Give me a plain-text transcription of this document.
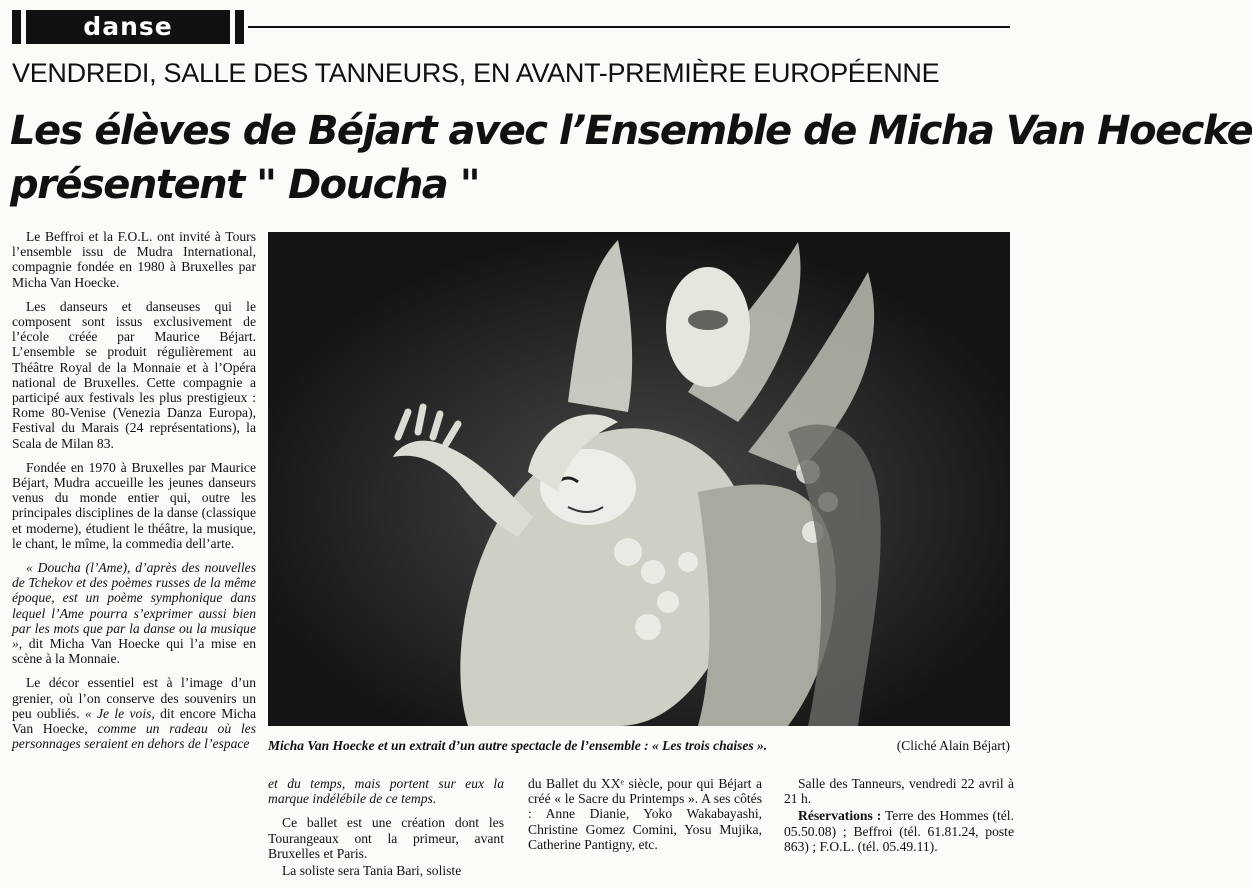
danse
VENDREDI, SALLE DES TANNEURS, EN AVANT-PREMIÈRE EUROPÉENNE
Les élèves de Béjart avec l’Ensemble de Micha Van Hoecke
présentent " Doucha "

Le Beffroi et la F.O.L. ont invité à Tours l’ensemble issu de Mudra International, compagnie fondée en 1980 à Bruxelles par Micha Van Hoecke.

Les danseurs et danseuses qui le composent sont issus exclusivement de l’école créée par Maurice Béjart. L’ensemble se produit régulièrement au Théâtre Royal de la Monnaie et à l’Opéra national de Bruxelles. Cette compagnie a participé aux festivals les plus prestigieux : Rome 80-Venise (Venezia Danza Europa), Festival du Marais (24 représentations), la Scala de Milan 83.

Fondée en 1970 à Bruxelles par Maurice Béjart, Mudra accueille les jeunes danseurs venus du monde entier qui, outre les principales disciplines de la danse (classique et moderne), étudient le théâtre, la musique, le chant, le mîme, la commedia dell’arte.

« Doucha (l’Ame), d’après des nouvelles de Tchekov et des poèmes russes de la même époque, est un poème symphonique dans lequel l’Ame pourra s’exprimer aussi bien par les mots que par la danse ou la musique », dit Micha Van Hoecke qui l’a mise en scène à la Monnaie.

Le décor essentiel est à l’image d’un grenier, où l’on conserve des souvenirs un peu oubliés. « Je le vois, dit encore Micha Van Hoecke, comme un radeau où les personnages seraient en dehors de l’espace	Micha Van Hoecke et un extrait d’un autre spectacle de l’ensemble : « Les trois chaises ».	(Cliché Alain Béjart)

et du temps, mais portent sur eux la marque indélébile de ce temps.

Ce ballet est une création dont les Tourangeaux ont la primeur, avant Bruxelles et Paris.

La soliste sera Tania Bari, soliste

du Ballet du XXᵉ siècle, pour qui Béjart a créé « le Sacre du Printemps ». A ses côtés : Anne Dianie, Yoko Wakabayashi, Christine Gomez Comini, Yosu Mujika, Catherine Pantigny, etc.

Salle des Tanneurs, vendredi 22 avril à 21 h.

Réservations : Terre des Hommes (tél. 05.50.08) ; Beffroi (tél. 61.81.24, poste 863) ; F.O.L. (tél. 05.49.11).
